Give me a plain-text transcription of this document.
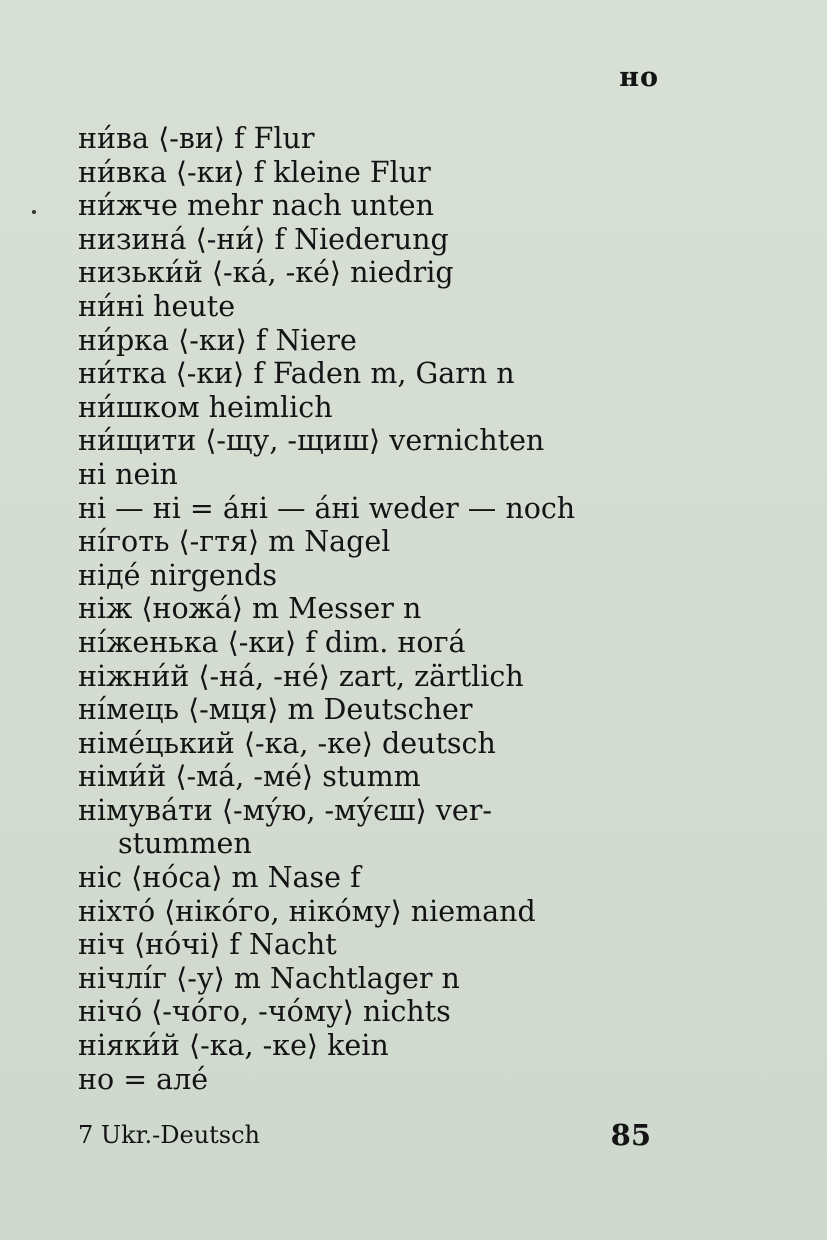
но
ни́ва ⟨-ви⟩ f Flur
ни́вка ⟨-ки⟩ f kleine Flur
ни́жче mehr nach unten
низина́ ⟨-ни́⟩ f Niederung
низьки́й ⟨-ка́, -ке́⟩ niedrig
ни́ні heute
ни́рка ⟨-ки⟩ f Niere
ни́тка ⟨-ки⟩ f Faden m, Garn n
ни́шком heimlich
ни́щити ⟨-щу, -щиш⟩ vernichten
ні nein
ні — ні = а́ні — а́ні weder — noch
ні́готь ⟨-гтя⟩ m Nagel
ніде́ nirgends
ніж ⟨ножа́⟩ m Messer n
ні́женька ⟨-ки⟩ f dim. нога́
ніжни́й ⟨-на́, -не́⟩ zart, zärtlich
ні́мець ⟨-мця⟩ m Deutscher
німе́цький ⟨-ка, -ке⟩ deutsch
німи́й ⟨-ма́, -ме́⟩ stumm
німува́ти ⟨-му́ю, -му́єш⟩ ver-
stummen
ніс ⟨но́са⟩ m Nase f
ніхто́ ⟨ніко́го, ніко́му⟩ niemand
ніч ⟨но́чі⟩ f Nacht
нічлі́г ⟨-у⟩ m Nachtlager n
нічо́ ⟨-чо́го, -чо́му⟩ nichts
ніяки́й ⟨-ка, -ке⟩ kein
но = але́
7 Ukr.-Deutsch	85
